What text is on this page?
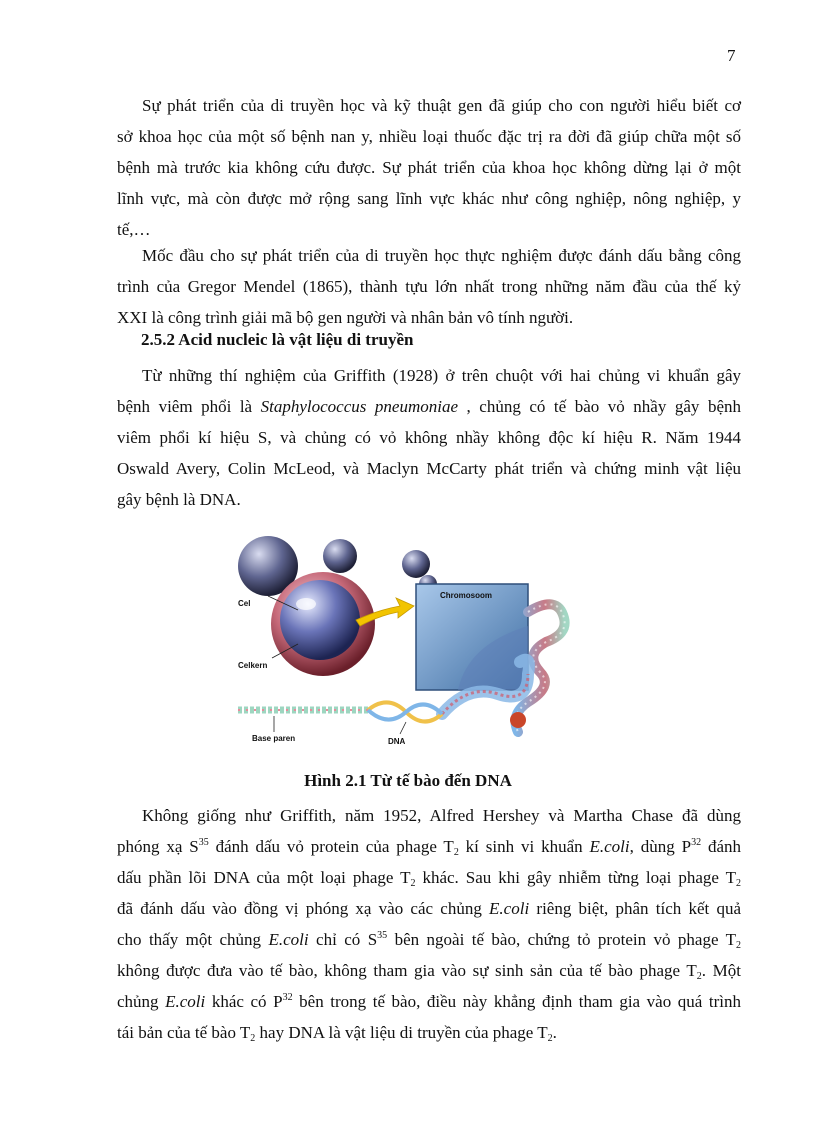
7
Sự phát triển của di truyền học và kỹ thuật gen đã giúp cho con người hiểu biết cơ
sở khoa học của một số bệnh nan y, nhiều loại thuốc đặc trị ra đời đã giúp chữa một số
bệnh mà trước kia không cứu được. Sự phát triển của khoa học không dừng lại ở một
lĩnh vực, mà còn được mở rộng sang lĩnh vực khác như công nghiệp, nông nghiệp, y
tế,…
Mốc đầu cho sự phát triển của di truyền học thực nghiệm được đánh dấu bằng công
trình của Gregor Mendel (1865), thành tựu lớn nhất trong những năm đầu của thế kỷ
XXI là công trình giải mã bộ gen người và nhân bản vô tính người.
2.5.2 Acid nucleic là vật liệu di truyền
Từ những thí nghiệm của Griffith (1928) ở trên chuột với hai chủng vi khuẩn gây
bệnh viêm phổi là Staphylococcus pneumoniae , chủng có tế bào vỏ nhầy gây bệnh
viêm phổi kí hiệu S, và chủng có vỏ không nhầy không độc kí hiệu R. Năm 1944
Oswald Avery, Colin McLeod, và Maclyn McCarty phát triển và chứng minh vật liệu
gây bệnh là DNA.
Cel
Celkern
Chromosoom
Base paren	DNA
Hình 2.1 Từ tế bào đến DNA
Không giống như Griffith, năm 1952, Alfred Hershey và Martha Chase đã dùng
phóng xạ $S^{35}$ đánh dấu vỏ protein của phage $T_2$ kí sinh vi khuẩn E.coli, dùng $P^{32}$ đánh
dấu phần lõi DNA của một loại phage $T_2$ khác. Sau khi gây nhiễm từng loại phage $T_2$
đã đánh dấu vào đồng vị phóng xạ vào các chủng E.coli riêng biệt, phân tích kết quả
cho thấy một chủng E.coli chỉ có $S^{35}$ bên ngoài tế bào, chứng tỏ protein vỏ phage $T_2$
không được đưa vào tế bào, không tham gia vào sự sinh sản của tế bào phage $T_2$. Một
chủng E.coli khác có $P^{32}$ bên trong tế bào, điều này khẳng định tham gia vào quá trình
tái bản của tế bào $T_2$ hay DNA là vật liệu di truyền của phage $T_2$.
